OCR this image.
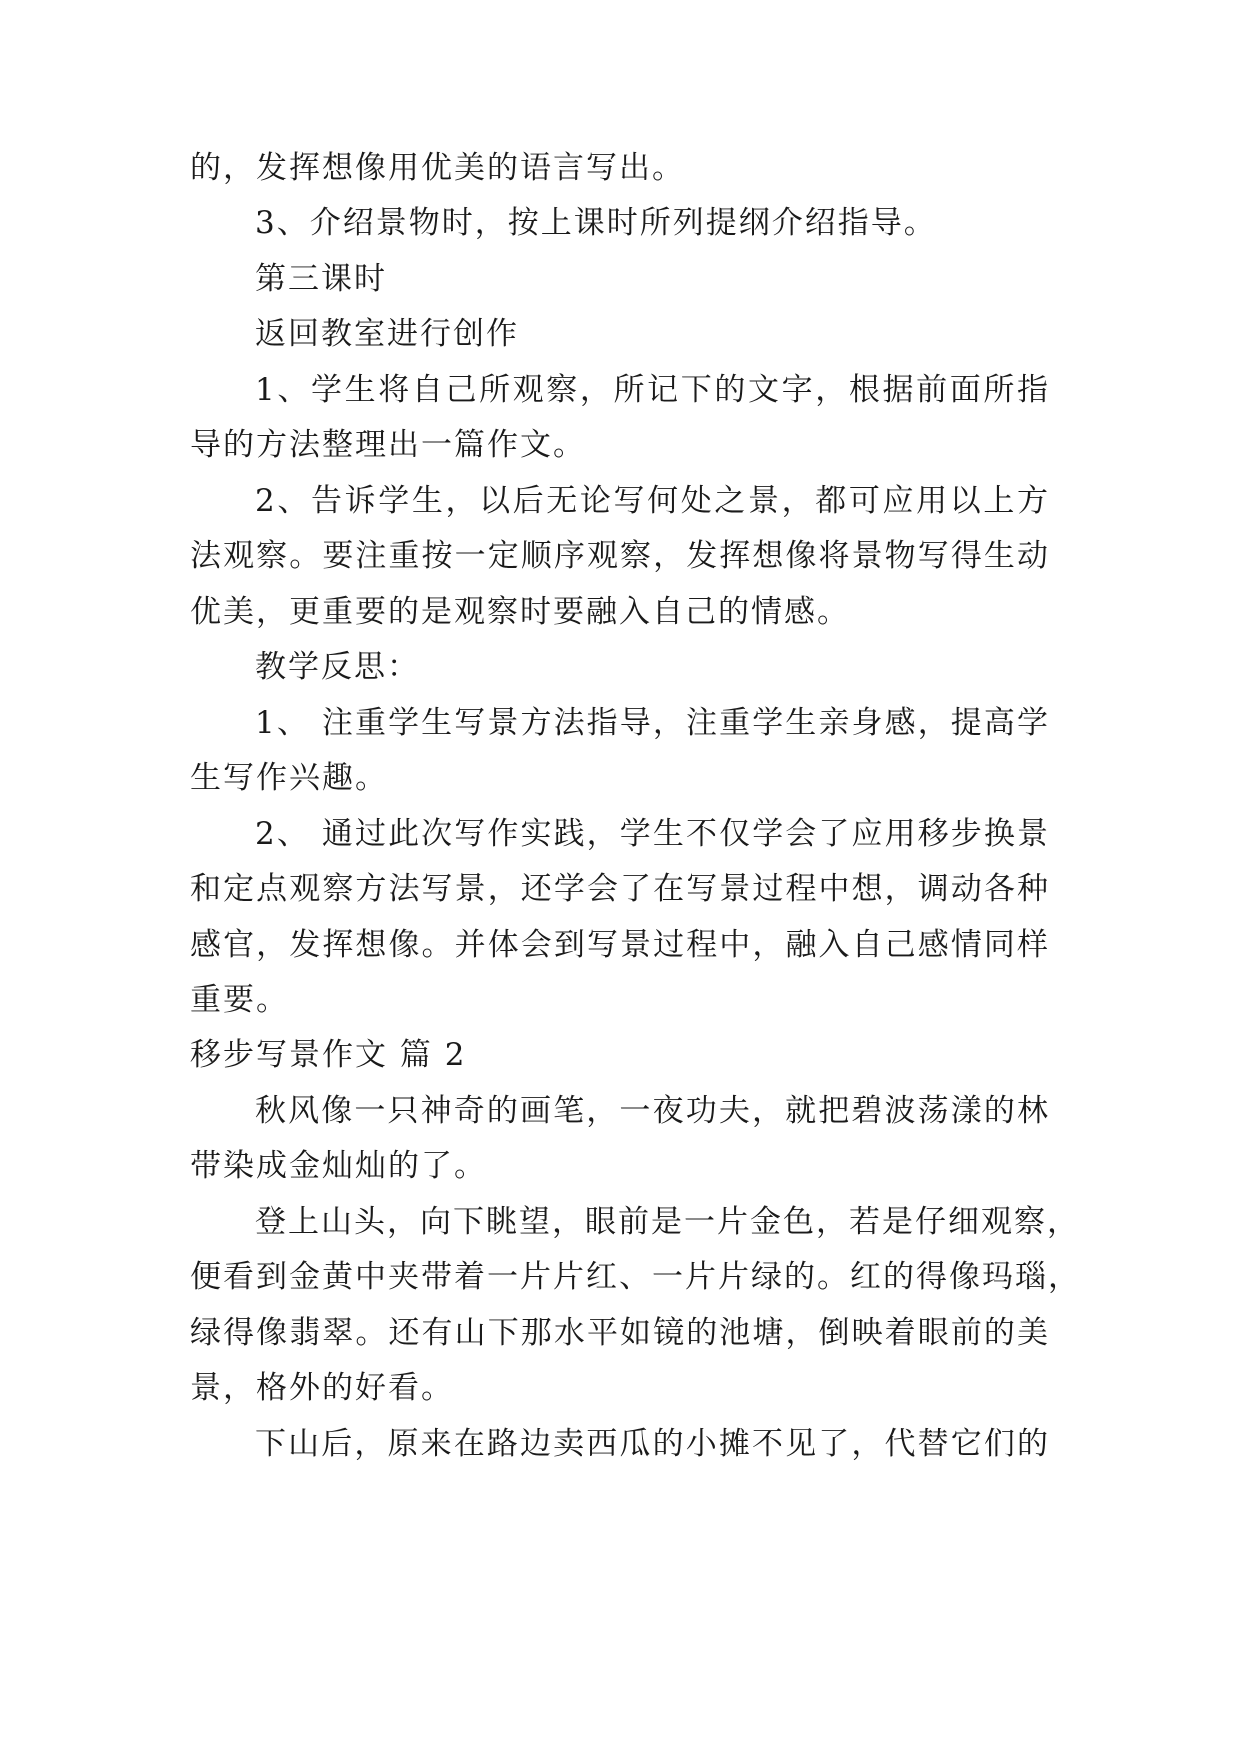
的，发挥想像用优美的语言写出。
3、介绍景物时，按上课时所列提纲介绍指导。
第三课时
返回教室进行创作
1、学生将自己所观察，所记下的文字，根据前面所指
导的方法整理出一篇作文。
2、告诉学生，以后无论写何处之景，都可应用以上方
法观察。要注重按一定顺序观察，发挥想像将景物写得生动
优美，更重要的是观察时要融入自己的情感。
教学反思：
1、 注重学生写景方法指导，注重学生亲身感，提高学
生写作兴趣。
2、 通过此次写作实践，学生不仅学会了应用移步换景
和定点观察方法写景，还学会了在写景过程中想，调动各种
感官，发挥想像。并体会到写景过程中，融入自己感情同样
重要。
移步写景作文 篇 2
秋风像一只神奇的画笔，一夜功夫，就把碧波荡漾的林
带染成金灿灿的了。
登上山头，向下眺望，眼前是一片金色，若是仔细观察，
便看到金黄中夹带着一片片红、一片片绿的。红的得像玛瑙，
绿得像翡翠。还有山下那水平如镜的池塘，倒映着眼前的美
景，格外的好看。
下山后，原来在路边卖西瓜的小摊不见了，代替它们的
